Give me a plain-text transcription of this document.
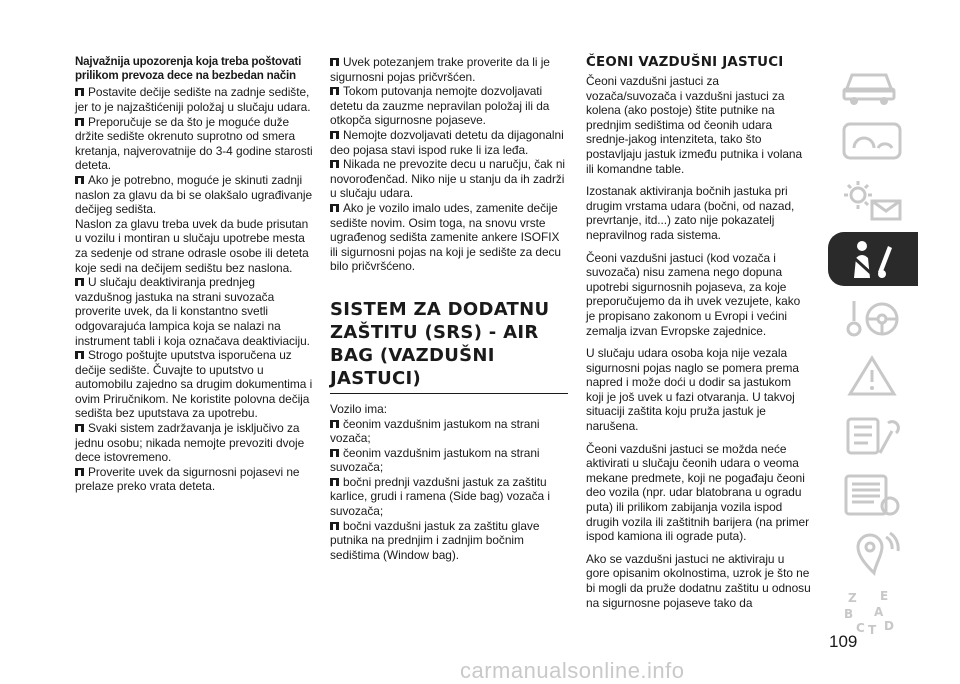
Najvažnija upozorenja koja treba poštovati prilikom prevoza dece na bezbedan način
Postavite dečije sedište na zadnje sedište, jer to je najzaštićeniji položaj u slučaju udara.
Preporučuje se da što je moguće duže držite sedište okrenuto suprotno od smera kretanja, najverovatnije do 3-4 godine starosti deteta.
Ako je potrebno, moguće je skinuti zadnji naslon za glavu da bi se olakšalo ugrađivanje dečijeg sedišta.
Naslon za glavu treba uvek da bude prisutan u vozilu i montiran u slučaju upotrebe mesta za sedenje od strane odrasle osobe ili deteta koje sedi na dečijem sedištu bez naslona.
U slučaju deaktiviranja prednjeg vazdušnog jastuka na strani suvozača proverite uvek, da li konstantno svetli odgovarajuća lampica koja se nalazi na instrument tabli i koja označava deaktiviaciju.
Strogo poštujte uputstva isporučena uz dečije sedište. Čuvajte to uputstvo u automobilu zajedno sa drugim dokumentima i ovim Priručnikom. Ne koristite polovna dečija sedišta bez uputstava za upotrebu.
Svaki sistem zadržavanja je isključivo za jednu osobu; nikada nemojte prevoziti dvoje dece istovremeno.
Proverite uvek da sigurnosni pojasevi ne prelaze preko vrata deteta.
Uvek potezanjem trake proverite da li je sigurnosni pojas pričvršćen.
Tokom putovanja nemojte dozvoljavati detetu da zauzme nepravilan položaj ili da otkopča sigurnosne pojaseve.
Nemojte dozvoljavati detetu da dijagonalni deo pojasa stavi ispod ruke li iza leđa.
Nikada ne prevozite decu u naručju, čak ni novorođenčad. Niko nije u stanju da ih zadrži u slučaju udara.
Ako je vozilo imalo udes, zamenite dečije sedište novim. Osim toga, na snovu vrste ugrađenog sedišta zamenite ankere ISOFIX ili sigurnosni pojas na koji je sedište za decu bilo pričvršćeno.
SISTEM ZA DODATNU ZAŠTITU (SRS) - AIR BAG (VAZDUŠNI JASTUCI)
Vozilo ima:
čeonim vazdušnim jastukom na strani vozača;
čeonim vazdušnim jastukom na strani suvozača;
bočni prednji vazdušni jastuk za zaštitu karlice, grudi i ramena (Side bag) vozača i suvozača;
bočni vazdušni jastuk za zaštitu glave putnika na prednjim i zadnjim bočnim sedištima (Window bag).
ČEONI VAZDUŠNI JASTUCI
Čeoni vazdušni jastuci za vozača/suvozača i vazdušni jastuci za kolena (ako postoje) štite putnike na prednjim sedištima od čeonih udara srednje-jakog intenziteta, tako što postavljaju jastuk između putnika i volana ili komandne table.
Izostanak aktiviranja bočnih jastuka pri drugim vrstama udara (bočni, od nazad, prevrtanje, itd...) zato nije pokazatelj nepravilnog rada sistema.
Čeoni vazdušni jastuci (kod vozača i suvozača) nisu zamena nego dopuna upotrebi sigurnosnih pojaseva, za koje preporučujemo da ih uvek vezujete, kako je propisano zakonom u Evropi i većini zemalja izvan Evropske zajednice.
U slučaju udara osoba koja nije vezala sigurnosni pojas naglo se pomera prema napred i može doći u dodir sa jastukom koji je još uvek u fazi otvaranja. U takvoj situaciji zaštita koju pruža jastuk je narušena.
Čeoni vazdušni jastuci se možda neće aktivirati u slučaju čeonih udara o veoma mekane predmete, koji ne pogađaju čeoni deo vozila (npr. udar blatobrana u ogradu puta) ili prilikom zabijanja vozila ispod drugih vozila ili zaštitnih barijera (na primer ispod kamiona ili ograde puta).
Ako se vazdušni jastuci ne aktiviraju u gore opisanim okolnostima, uzrok je što ne bi mogli da pruže dodatnu zaštitu u odnosu na sigurnosne pojaseve tako da	Z E
B A
C T D
109
carmanualsonline.info
